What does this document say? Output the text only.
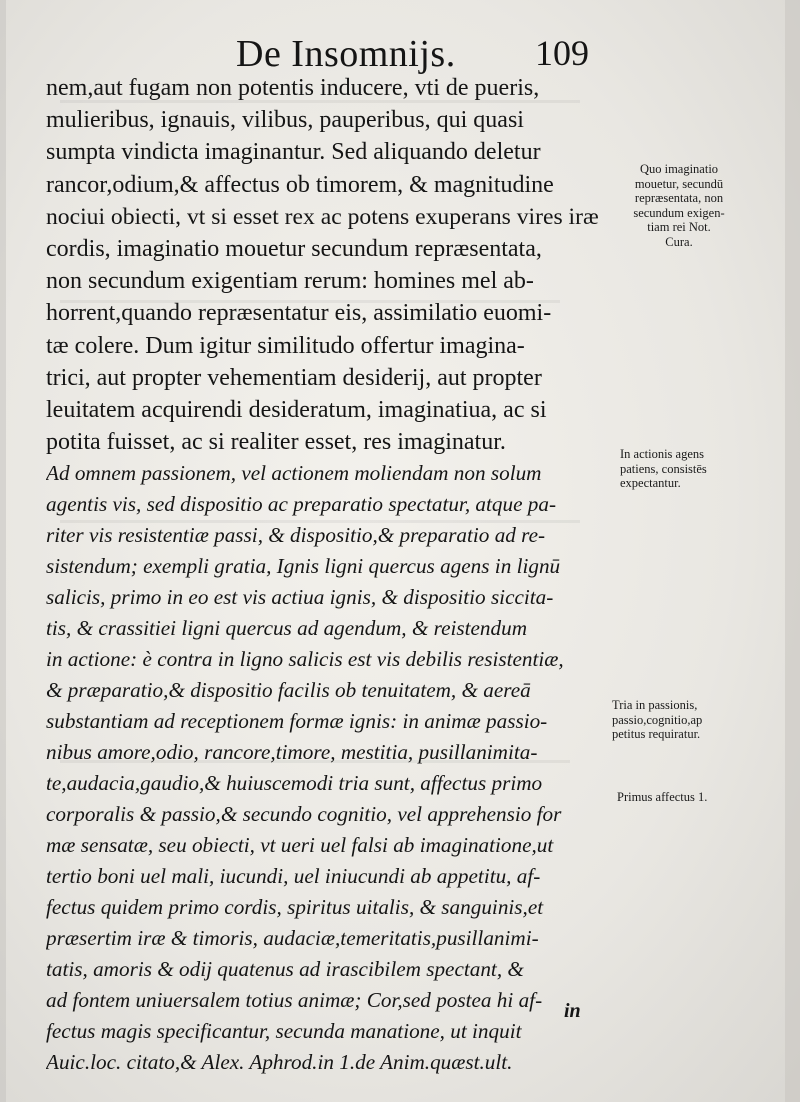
De Insomnijs. 109
nem,aut fugam non potentis inducere, vti de pueris,
mulieribus, ignauis, vilibus, pauperibus, qui quasi
sumpta vindicta imaginantur. Sed aliquando deletur
rancor,odium,& affectus ob timorem, & magnitudine
nociui obiecti, vt si esset rex ac potens exuperans vires iræ
cordis, imaginatio mouetur secundum repræsentata,
non secundum exigentiam rerum: homines mel ab-
horrent,quando repræsentatur eis, assimilatio euomi-
tæ colere. Dum igitur similitudo offertur imagina-
trici, aut propter vehementiam desiderij, aut propter
leuitatem acquirendi desideratum, imaginatiua, ac si
potita fuisset, ac si realiter esset, res imaginatur.
Ad omnem passionem, vel actionem moliendam non solum
agentis vis, sed dispositio ac preparatio spectatur, atque pa-
riter vis resistentiæ passi, & dispositio,& preparatio ad re-
sistendum; exempli gratia, Ignis ligni quercus agens in lignū
salicis, primo in eo est vis actiua ignis, & dispositio siccita-
tis, & crassitiei ligni quercus ad agendum, & reistendum
in actione: è contra in ligno salicis est vis debilis resistentiæ,
& præparatio,& dispositio facilis ob tenuitatem, & aereā
substantiam ad receptionem formæ ignis: in animæ passio-
nibus amore,odio, rancore,timore, mestitia, pusillanimita-
te,audacia,gaudio,& huiuscemodi tria sunt, affectus primo
corporalis & passio,& secundo cognitio, vel apprehensio for
mæ sensatæ, seu obiecti, vt ueri uel falsi ab imaginatione,ut
tertio boni uel mali, iucundi, uel iniucundi ab appetitu, af-
fectus quidem primo cordis, spiritus uitalis, & sanguinis,et
præsertim iræ & timoris, audaciæ,temeritatis,pusillanimi-
tatis, amoris & odij quatenus ad irascibilem spectant, &
ad fontem uniuersalem totius animæ; Cor,sed postea hi af-
fectus magis specificantur, secunda manatione, ut inquit
Auic.loc. citato,& Alex. Aphrod.in 1.de Anim.quæst.ult.
Quo imaginatio
mouetur, secundū
repræsentata, non
secundum exigen-
tiam rei Not.
Cura.
In actionis agens
patiens, consistēs
expectantur.
Tria in passionis,
passio,cognitio,ap
petitus requiratur.
Primus affectus 1.
in
